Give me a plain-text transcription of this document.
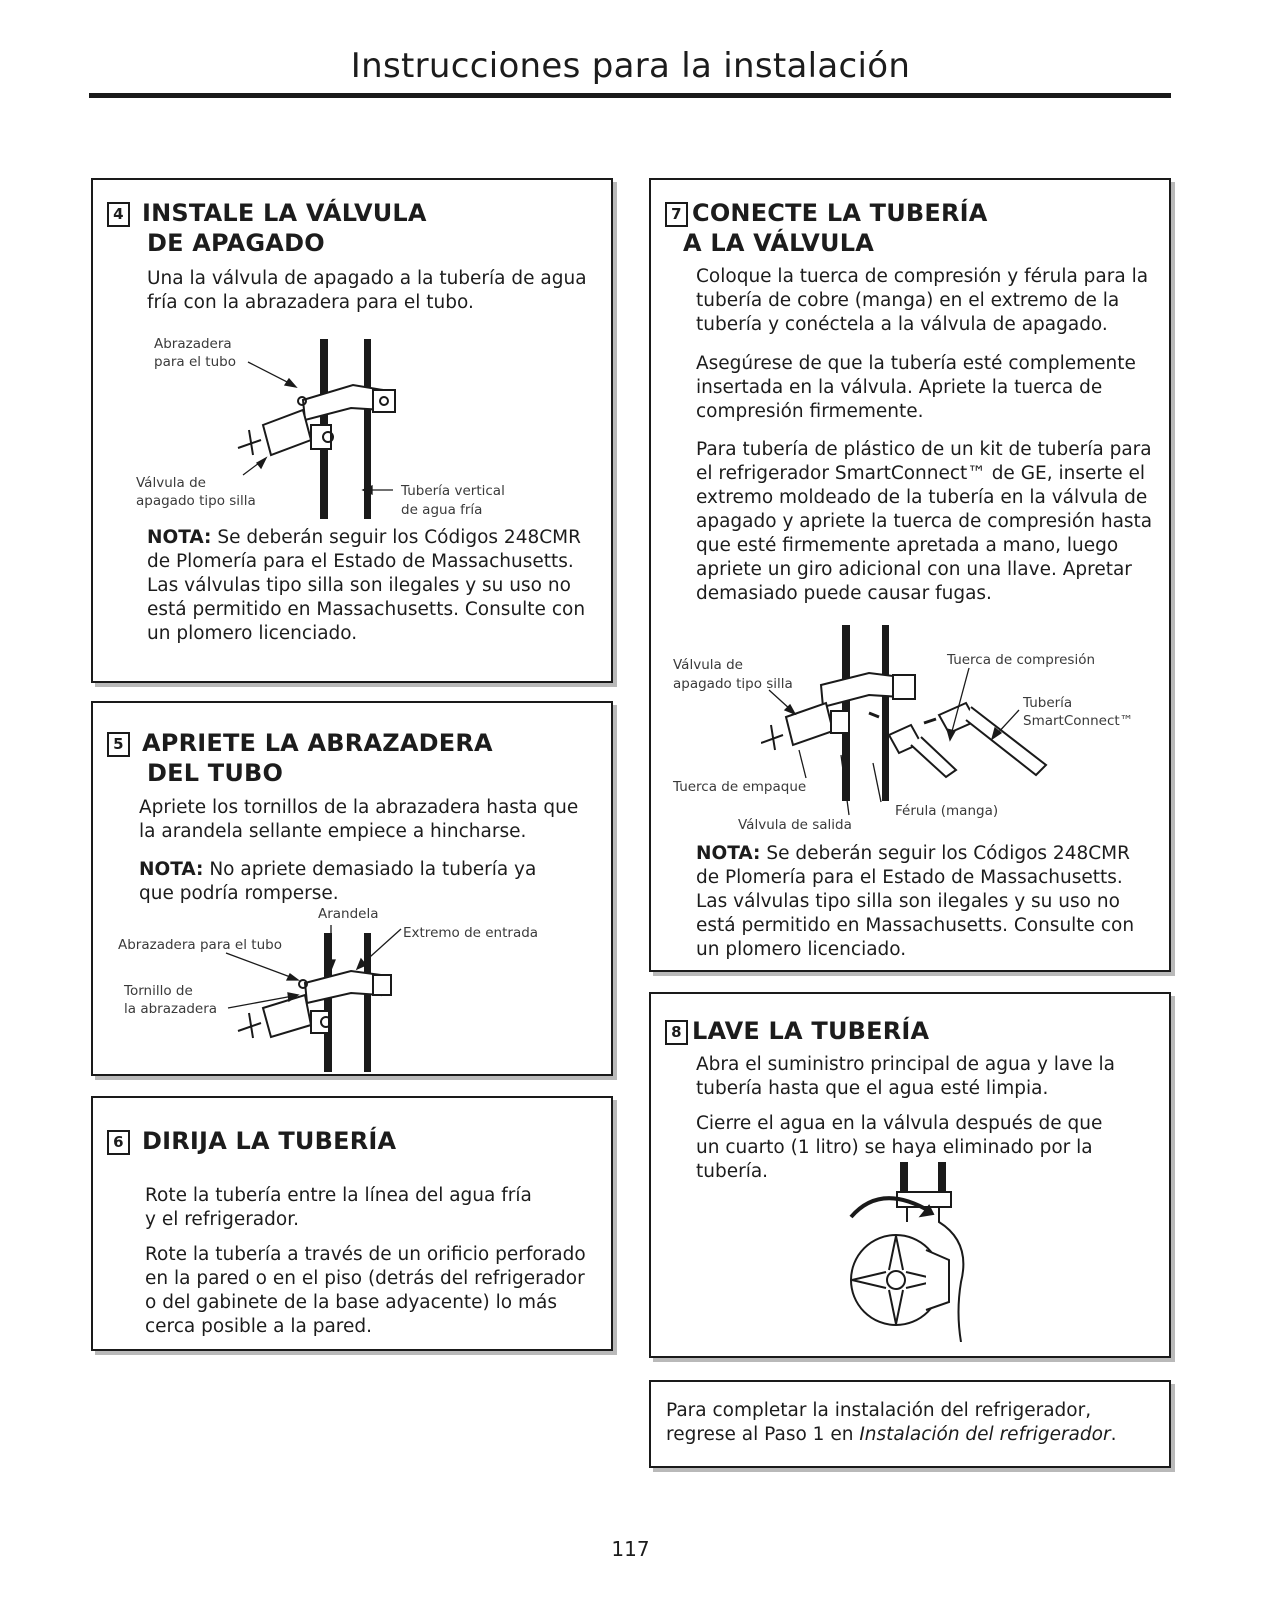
Instrucciones para la instalación
4 INSTALE LA VÁLVULA
DE APAGADO

Una la válvula de apagado a la tubería de agua fría con la abrazadera para el tubo.

Abrazadera
para el tubo
Válvula de
apagado tipo silla
Tubería vertical
de agua fría

NOTA: Se deberán seguir los Códigos 248CMR de Plomería para el Estado de Massachusetts. Las válvulas tipo silla son ilegales y su uso no está permitido en Massachusetts. Consulte con un plomero licenciado.

5 APRIETE LA ABRAZADERA
DEL TUBO

Apriete los tornillos de la abrazadera hasta que la arandela sellante empiece a hincharse.

NOTA: No apriete demasiado la tubería ya que podría romperse.

Arandela
Abrazadera para el tubo
Extremo de entrada
Tornillo de
la abrazadera
6 DIRIJA LA TUBERÍA

Rote la tubería entre la línea del agua fría y el refrigerador.

Rote la tubería a través de un orificio perforado en la pared o en el piso (detrás del refrigerador o del gabinete de la base adyacente) lo más cerca posible a la pared.

7 CONECTE LA TUBERÍA
A LA VÁLVULA

Coloque la tuerca de compresión y férula para la tubería de cobre (manga) en el extremo de la tubería y conéctela a la válvula de apagado.

Asegúrese de que la tubería esté complemente insertada en la válvula. Apriete la tuerca de compresión firmemente.

Para tubería de plástico de un kit de tubería para el refrigerador SmartConnect™ de GE, inserte el extremo moldeado de la tubería en la válvula de apagado y apriete la tuerca de compresión hasta que esté firmemente apretada a mano, luego apriete un giro adicional con una llave. Apretar demasiado puede causar fugas.

Válvula de
apagado tipo silla
Tuerca de compresión
Tubería
SmartConnect™
Tuerca de empaque
Férula (manga)
Válvula de salida

NOTA: Se deberán seguir los Códigos 248CMR de Plomería para el Estado de Massachusetts. Las válvulas tipo silla son ilegales y su uso no está permitido en Massachusetts. Consulte con un plomero licenciado.

8 LAVE LA TUBERÍA

Abra el suministro principal de agua y lave la tubería hasta que el agua esté limpia.

Cierre el agua en la válvula después de que un cuarto (1 litro) se haya eliminado por la tubería.

Para completar la instalación del refrigerador, regrese al Paso 1 en Instalación del refrigerador.

117
